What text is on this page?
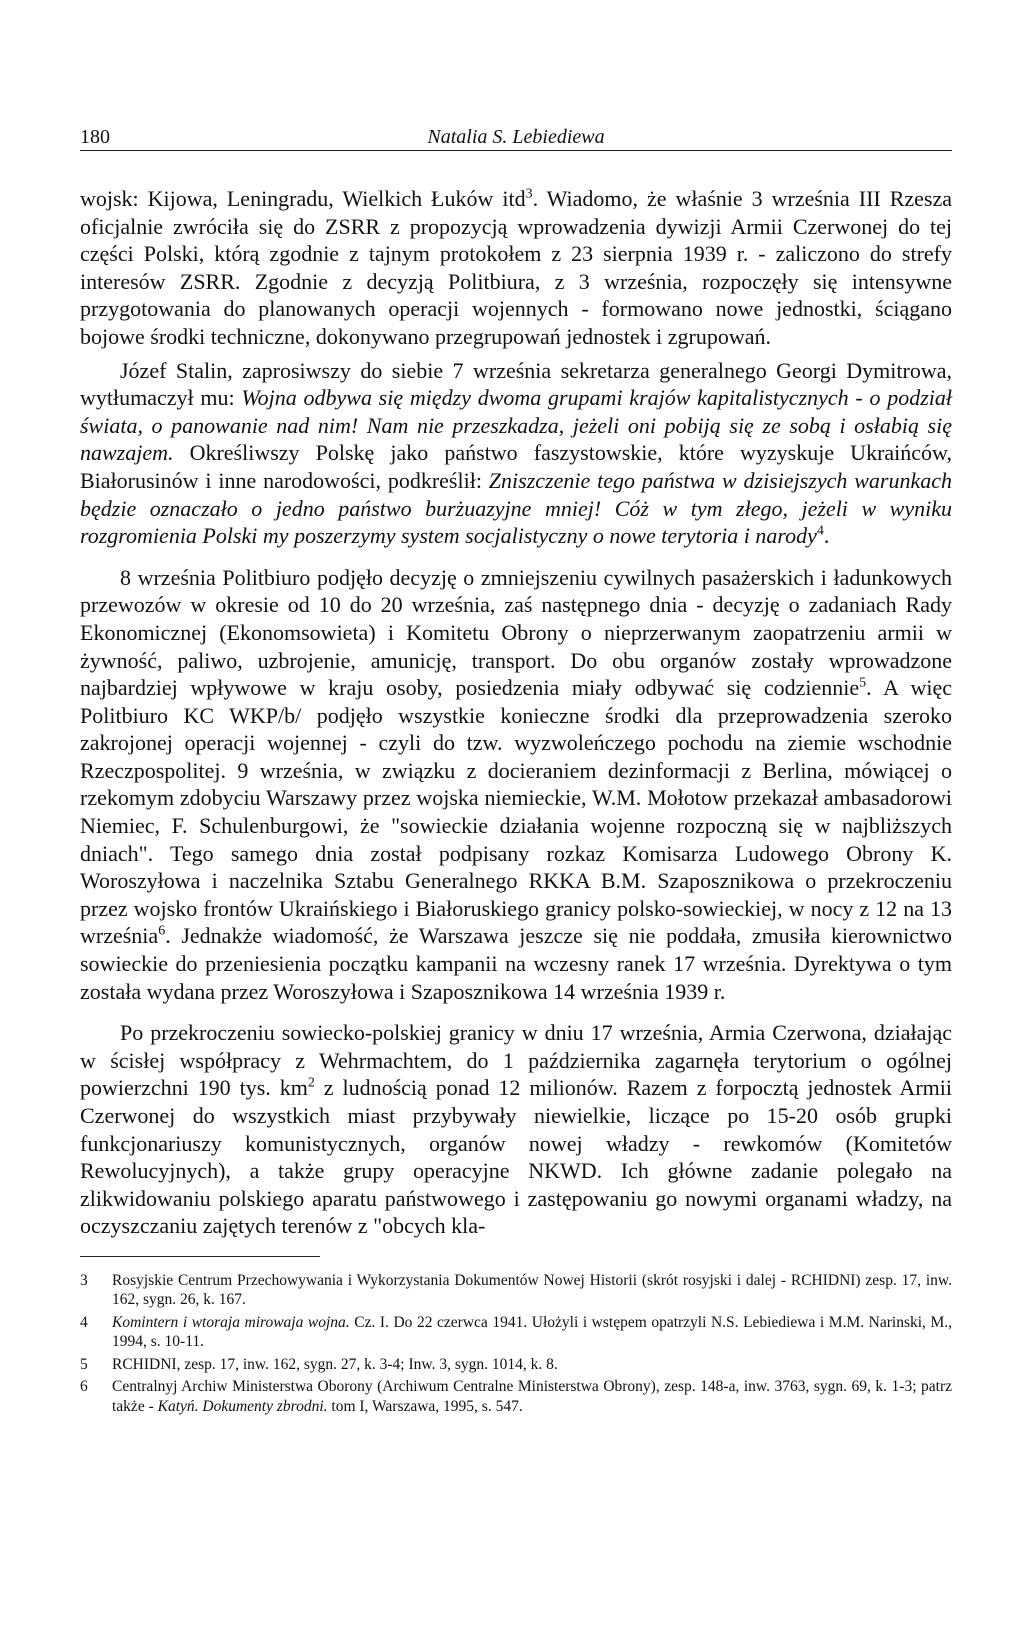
180	Natalia S. Lebiediewa

wojsk: Kijowa, Leningradu, Wielkich Łuków itd$^3$. Wiadomo, że właśnie 3 września III Rzesza oficjalnie zwróciła się do ZSRR z propozycją wprowadzenia dywizji Armii Czerwonej do tej części Polski, którą zgodnie z tajnym protokołem z 23 sierpnia 1939 r. - zaliczono do strefy interesów ZSRR. Zgodnie z decyzją Politbiura, z 3 września, rozpoczęły się intensywne przygotowania do planowanych operacji wojennych - formowano nowe jednostki, ściągano bojowe środki techniczne, dokonywano przegrupowań jednostek i zgrupowań.

Józef Stalin, zaprosiwszy do siebie 7 września sekretarza generalnego Georgi Dymitrowa, wytłumaczył mu: Wojna odbywa się między dwoma grupami krajów kapitalistycznych - o podział świata, o panowanie nad nim! Nam nie przeszkadza, jeżeli oni pobiją się ze sobą i osłabią się nawzajem. Określiwszy Polskę jako państwo faszystowskie, które wyzyskuje Ukraińców, Białorusinów i inne narodowości, podkreślił: Zniszczenie tego państwa w dzisiejszych warunkach będzie oznaczało o jedno państwo burżuazyjne mniej! Cóż w tym złego, jeżeli w wyniku rozgromienia Polski my poszerzymy system socjalistyczny o nowe terytoria i narody$^4$.

8 września Politbiuro podjęło decyzję o zmniejszeniu cywilnych pasażerskich i ładunkowych przewozów w okresie od 10 do 20 września, zaś następnego dnia - decyzję o zadaniach Rady Ekonomicznej (Ekonomsowieta) i Komitetu Obrony o nieprzerwanym zaopatrzeniu armii w żywność, paliwo, uzbrojenie, amunicję, transport. Do obu organów zostały wprowadzone najbardziej wpływowe w kraju osoby, posiedzenia miały odbywać się codziennie$^5$. A więc Politbiuro KC WKP/b/ podjęło wszystkie konieczne środki dla przeprowadzenia szeroko zakrojonej operacji wojennej - czyli do tzw. wyzwoleńczego pochodu na ziemie wschodnie Rzeczpospolitej. 9 września, w związku z docieraniem dezinformacji z Berlina, mówiącej o rzekomym zdobyciu Warszawy przez wojska niemieckie, W.M. Mołotow przekazał ambasadorowi Niemiec, F. Schulenburgowi, że "sowieckie działania wojenne rozpoczną się w najbliższych dniach". Tego samego dnia został podpisany rozkaz Komisarza Ludowego Obrony K. Woroszyłowa i naczelnika Sztabu Generalnego RKKA B.M. Szaposznikowa o przekroczeniu przez wojsko frontów Ukraińskiego i Białoruskiego granicy polsko-sowieckiej, w nocy z 12 na 13 września$^6$. Jednakże wiadomość, że Warszawa jeszcze się nie poddała, zmusiła kierownictwo sowieckie do przeniesienia początku kampanii na wczesny ranek 17 września. Dyrektywa o tym została wydana przez Woroszyłowa i Szaposznikowa 14 września 1939 r.

Po przekroczeniu sowiecko-polskiej granicy w dniu 17 września, Armia Czerwona, działając w ścisłej współpracy z Wehrmachtem, do 1 października zagarnęła terytorium o ogólnej powierzchni 190 tys. $km^2$ z ludnością ponad 12 milionów. Razem z forpocztą jednostek Armii Czerwonej do wszystkich miast przybywały niewielkie, liczące po 15-20 osób grupki funkcjonariuszy komunistycznych, organów nowej władzy - rewkomów (Komitetów Rewolucyjnych), a także grupy operacyjne NKWD. Ich główne zadanie polegało na zlikwidowaniu polskiego aparatu państwowego i zastępowaniu go nowymi organami władzy, na oczyszczaniu zajętych terenów z "obcych kla-

3	Rosyjskie Centrum Przechowywania i Wykorzystania Dokumentów Nowej Historii (skrót rosyjski i dalej - RCHIDNI) zesp. 17, inw. 162, sygn. 26, k. 167.
4	Komintern i wtoraja mirowaja wojna. Cz. I. Do 22 czerwca 1941. Ułożyli i wstępem opatrzyli N.S. Lebiediewa i M.M. Narinski, M., 1994, s. 10-11.
5	RCHIDNI, zesp. 17, inw. 162, sygn. 27, k. 3-4; Inw. 3, sygn. 1014, k. 8.
6	Centralnyj Archiw Ministerstwa Oborony (Archiwum Centralne Ministerstwa Obrony), zesp. 148-a, inw. 3763, sygn. 69, k. 1-3; patrz także - Katyń. Dokumenty zbrodni. tom I, Warszawa, 1995, s. 547.
